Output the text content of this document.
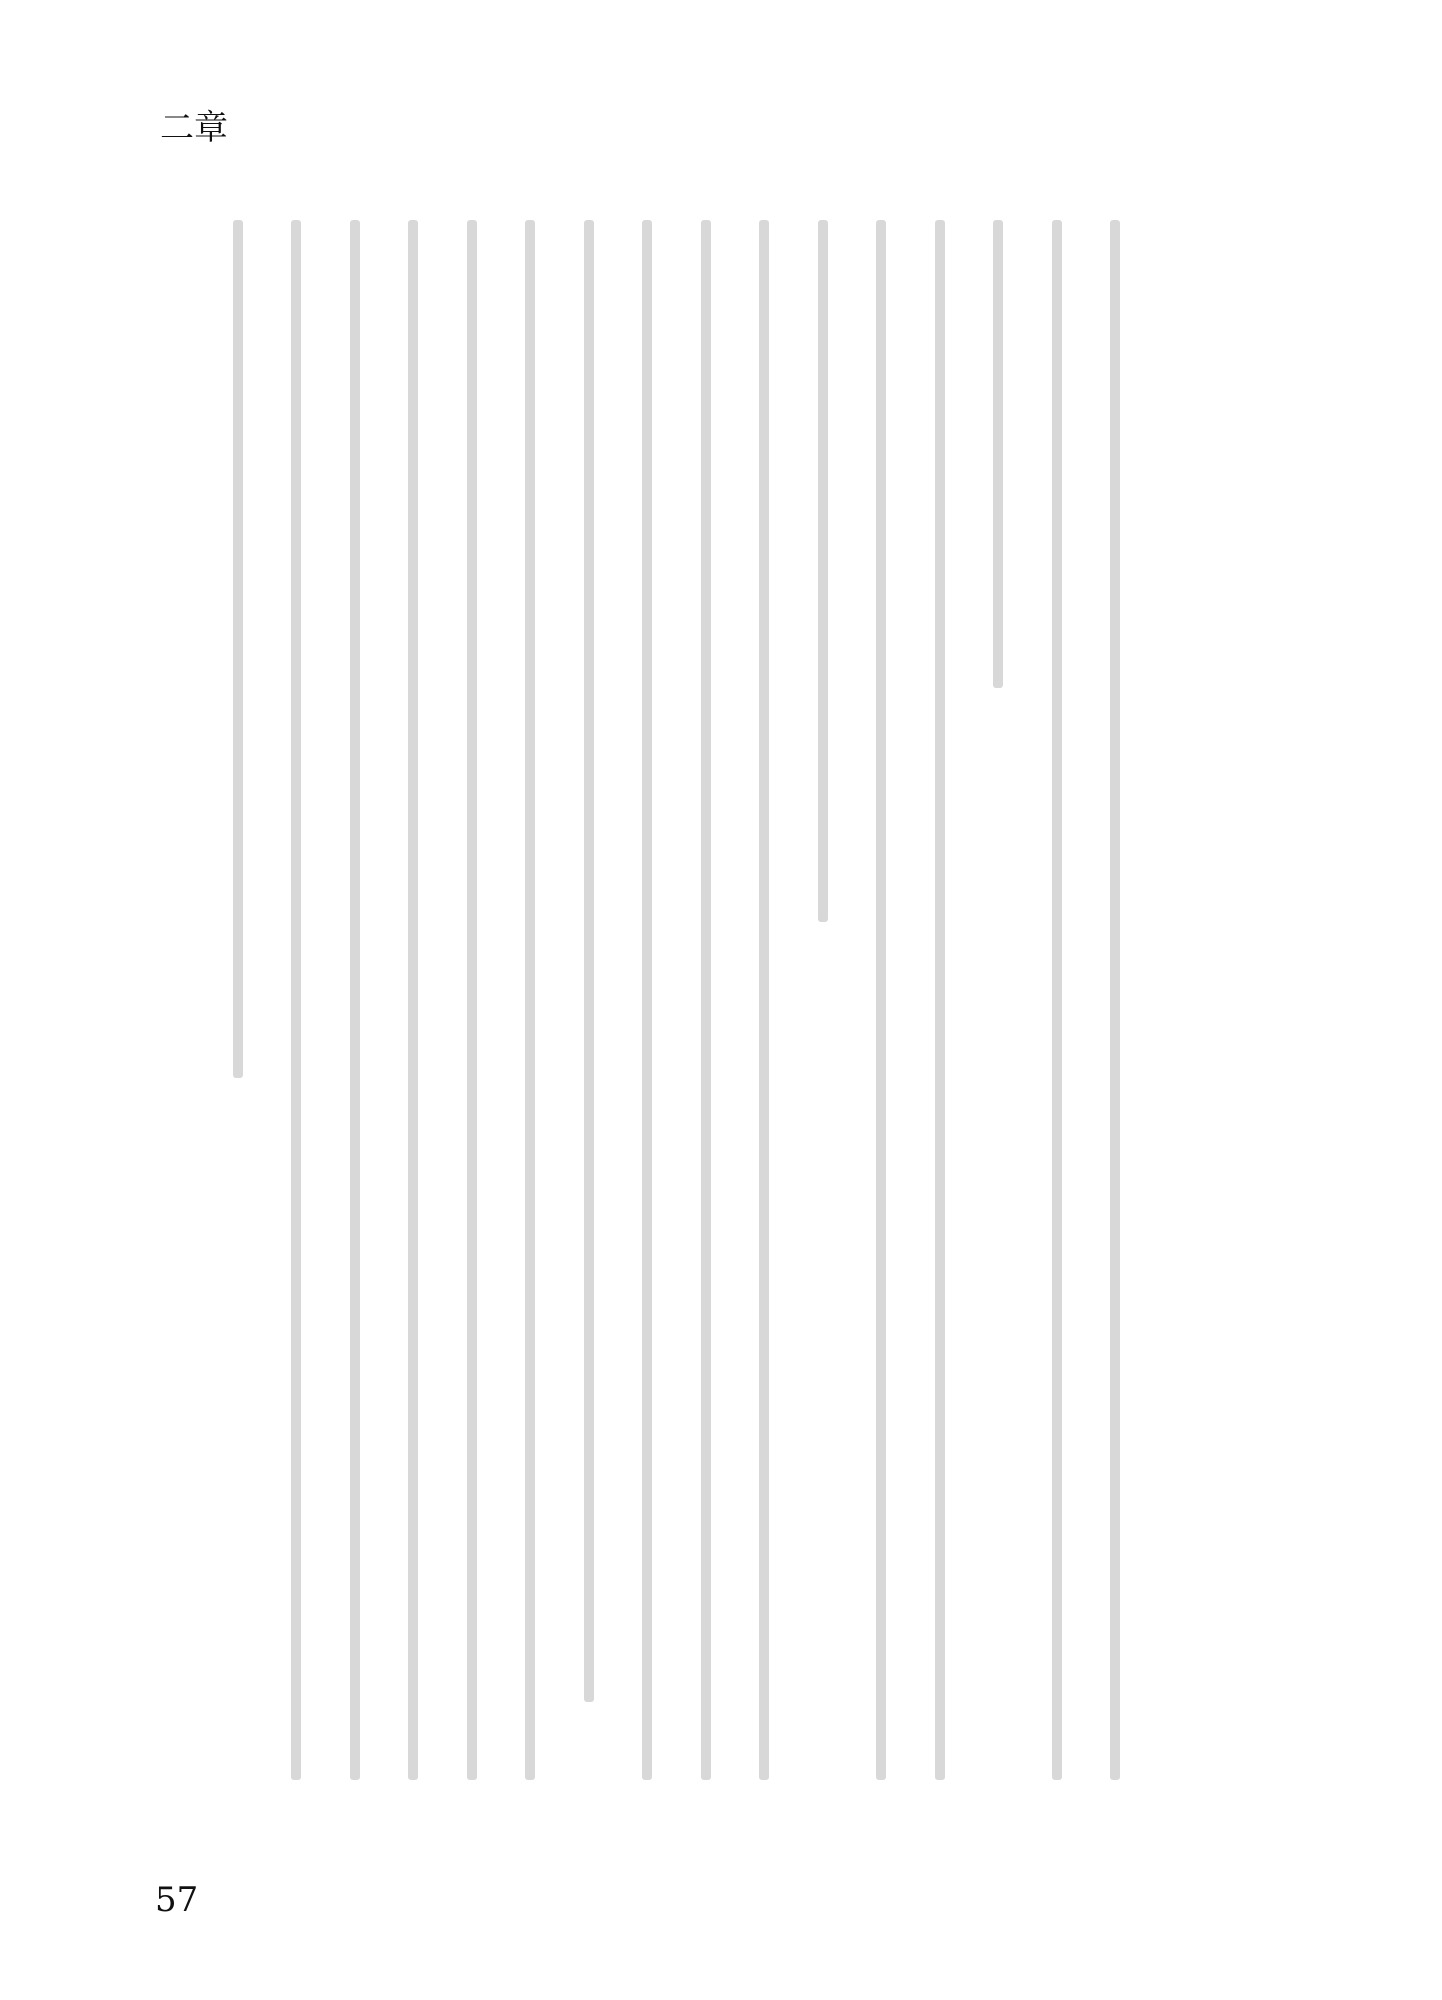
二章
57
